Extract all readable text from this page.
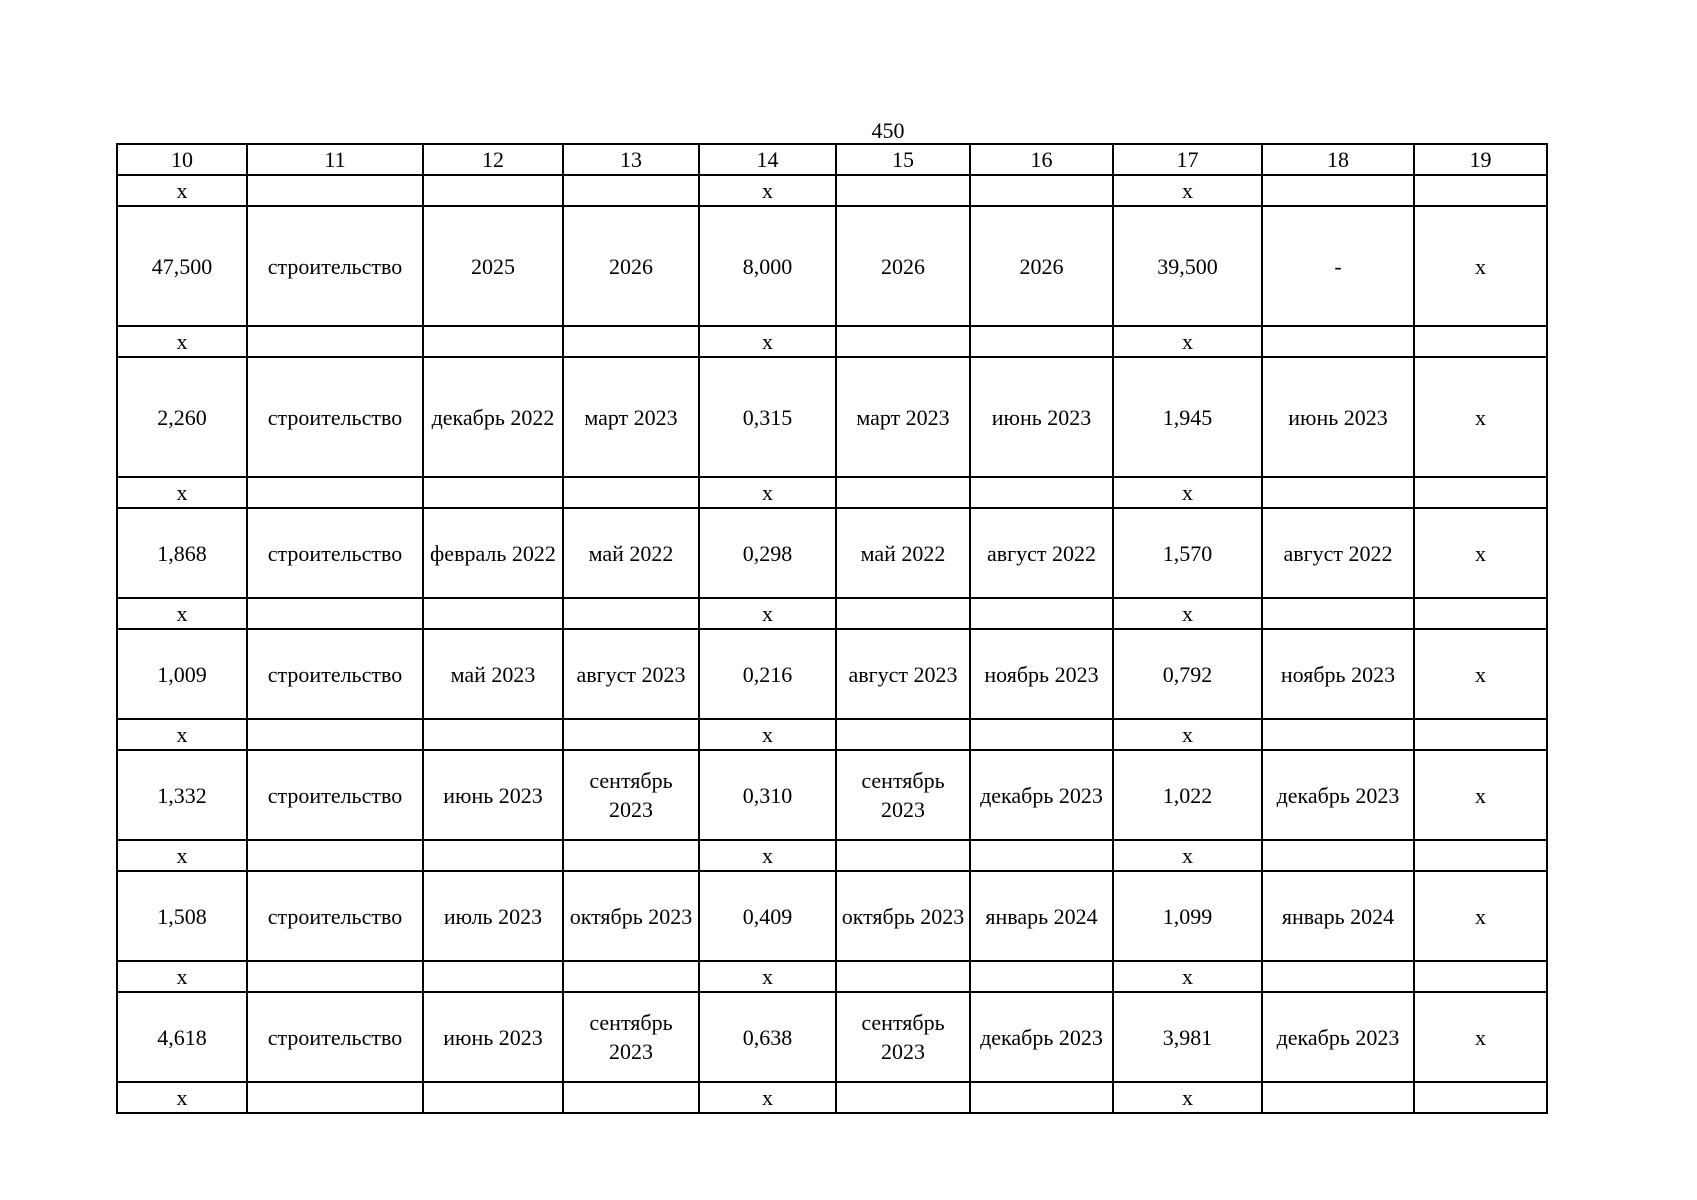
450
10	11	12	13	14	15	16	17	18	19
x				x			x		
47,500	строительство	2025	2026	8,000	2026	2026	39,500	-	x
x				x			x		
2,260	строительство	декабрь 2022	март 2023	0,315	март 2023	июнь 2023	1,945	июнь 2023	x
x				x			x		
1,868	строительство	февраль 2022	май 2022	0,298	май 2022	август 2022	1,570	август 2022	x
x				x			x		
1,009	строительство	май 2023	август 2023	0,216	август 2023	ноябрь 2023	0,792	ноябрь 2023	x
x				x			x		
1,332	строительство	июнь 2023	сентябрь 2023	0,310	сентябрь 2023	декабрь 2023	1,022	декабрь 2023	x
x				x			x		
1,508	строительство	июль 2023	октябрь 2023	0,409	октябрь 2023	январь 2024	1,099	январь 2024	x
x				x			x		
4,618	строительство	июнь 2023	сентябрь 2023	0,638	сентябрь 2023	декабрь 2023	3,981	декабрь 2023	x
x				x			x		
